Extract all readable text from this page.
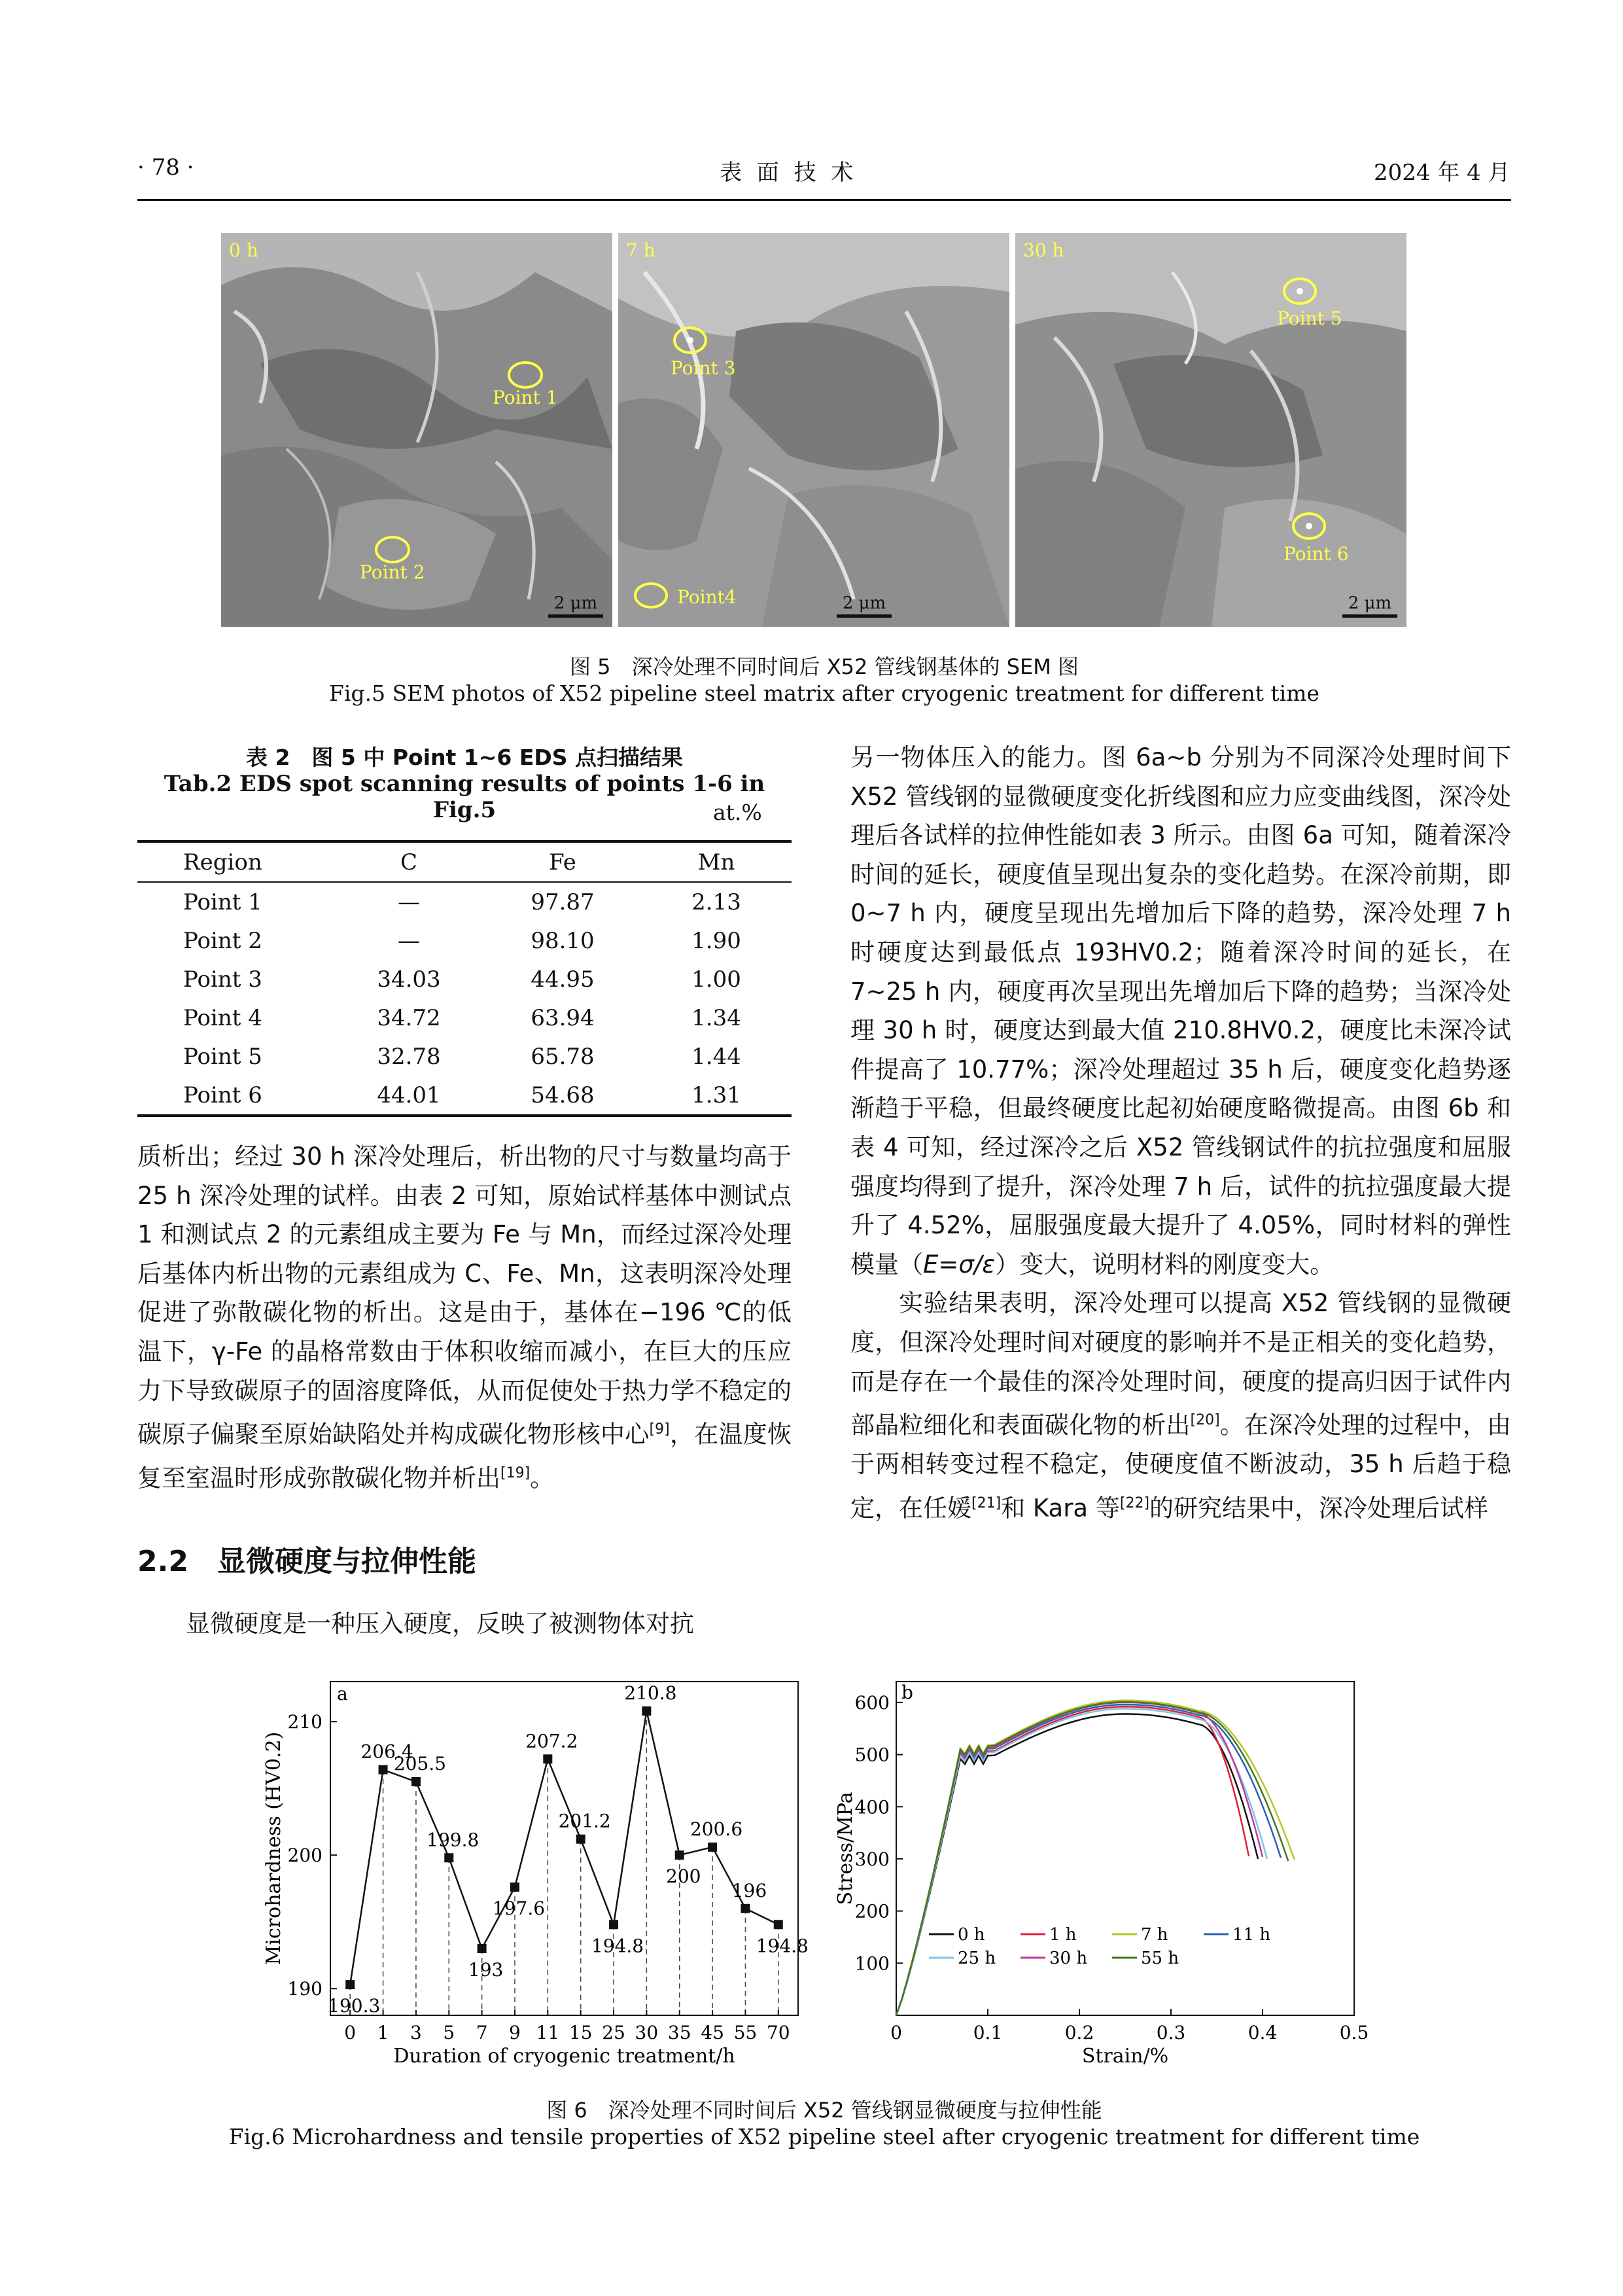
· 78 ·	表 面 技 术	2024 年 4 月
0 h
Point 1
Point 2
2 μm
7 h
Point 3
Point4	2 μm
30 h
Point 5
Point 6
2 μm
图 5　深冷处理不同时间后 X52 管线钢基体的 SEM 图
Fig.5 SEM photos of X52 pipeline steel matrix after cryogenic treatment for different time
表 2　图 5 中 Point 1~6 EDS 点扫描结果
Tab.2 EDS spot scanning results of points 1-6 in Fig.5	at.%
Region	C	Fe	Mn
Point 1	—	97.87	2.13
Point 2	—	98.10	1.90
Point 3	34.03	44.95	1.00
Point 4	34.72	63.94	1.34
Point 5	32.78	65.78	1.44
Point 6	44.01	54.68	1.31

质析出；经过 30 h 深冷处理后，析出物的尺寸与数量均高于 25 h 深冷处理的试样。由表 2 可知，原始试样基体中测试点 1 和测试点 2 的元素组成主要为 Fe 与 Mn，而经过深冷处理后基体内析出物的元素组成为 C、Fe、Mn，这表明深冷处理促进了弥散碳化物的析出。这是由于，基体在−196 ℃的低温下，γ-Fe 的晶格常数由于体积收缩而减小，在巨大的压应力下导致碳原子的固溶度降低，从而促使处于热力学不稳定的碳原子偏聚至原始缺陷处并构成碳化物形核中心[9]，在温度恢复至室温时形成弥散碳化物并析出[19]。

2.2　显微硬度与拉伸性能

显微硬度是一种压入硬度，反映了被测物体对抗

另一物体压入的能力。图 6a~b 分别为不同深冷处理时间下 X52 管线钢的显微硬度变化折线图和应力应变曲线图，深冷处理后各试样的拉伸性能如表 3 所示。由图 6a 可知，随着深冷时间的延长，硬度值呈现出复杂的变化趋势。在深冷前期，即 0~7 h 内，硬度呈现出先增加后下降的趋势，深冷处理 7 h 时硬度达到最低点 193HV0.2；随着深冷时间的延长，在 7~25 h 内，硬度再次呈现出先增加后下降的趋势；当深冷处理 30 h 时，硬度达到最大值 210.8HV0.2，硬度比未深冷试件提高了 10.77%；深冷处理超过 35 h 后，硬度变化趋势逐渐趋于平稳，但最终硬度比起初始硬度略微提高。由图 6b 和表 4 可知，经过深冷之后 X52 管线钢试件的抗拉强度和屈服强度均得到了提升，深冷处理 7 h 后，试件的抗拉强度最大提升了 4.52%，屈服强度最大提升了 4.05%，同时材料的弹性模量（E=σ/ε）变大，说明材料的刚度变大。

实验结果表明，深冷处理可以提高 X52 管线钢的显微硬度，但深冷处理时间对硬度的影响并不是正相关的变化趋势，而是存在一个最佳的深冷处理时间，硬度的提高归因于试件内部晶粒细化和表面碳化物的析出[20]。在深冷处理的过程中，由于两相转变过程不稳定，使硬度值不断波动，35 h 后趋于稳定，在任媛[21]和 Kara 等[22]的研究结果中，深冷处理后试样

a
190
200
210
190.3
206.4
205.5
199.8
193
197.6
207.2
201.2
194.8
210.8
200
200.6
196
194.8
0 1 3 5 7 9 11 15 25 30 35 45 55 70
Duration of cryogenic treatment/h
Microhardness (HV0.2)
b
100
200
300
400
500
600
0	0.1	0.2	0.3	0.4	0.5
Strain/%
Stress/MPa
0 h	1 h	7 h	11 h
25 h	30 h	55 h
图 6　深冷处理不同时间后 X52 管线钢显微硬度与拉伸性能
Fig.6 Microhardness and tensile properties of X52 pipeline steel after cryogenic treatment for different time
